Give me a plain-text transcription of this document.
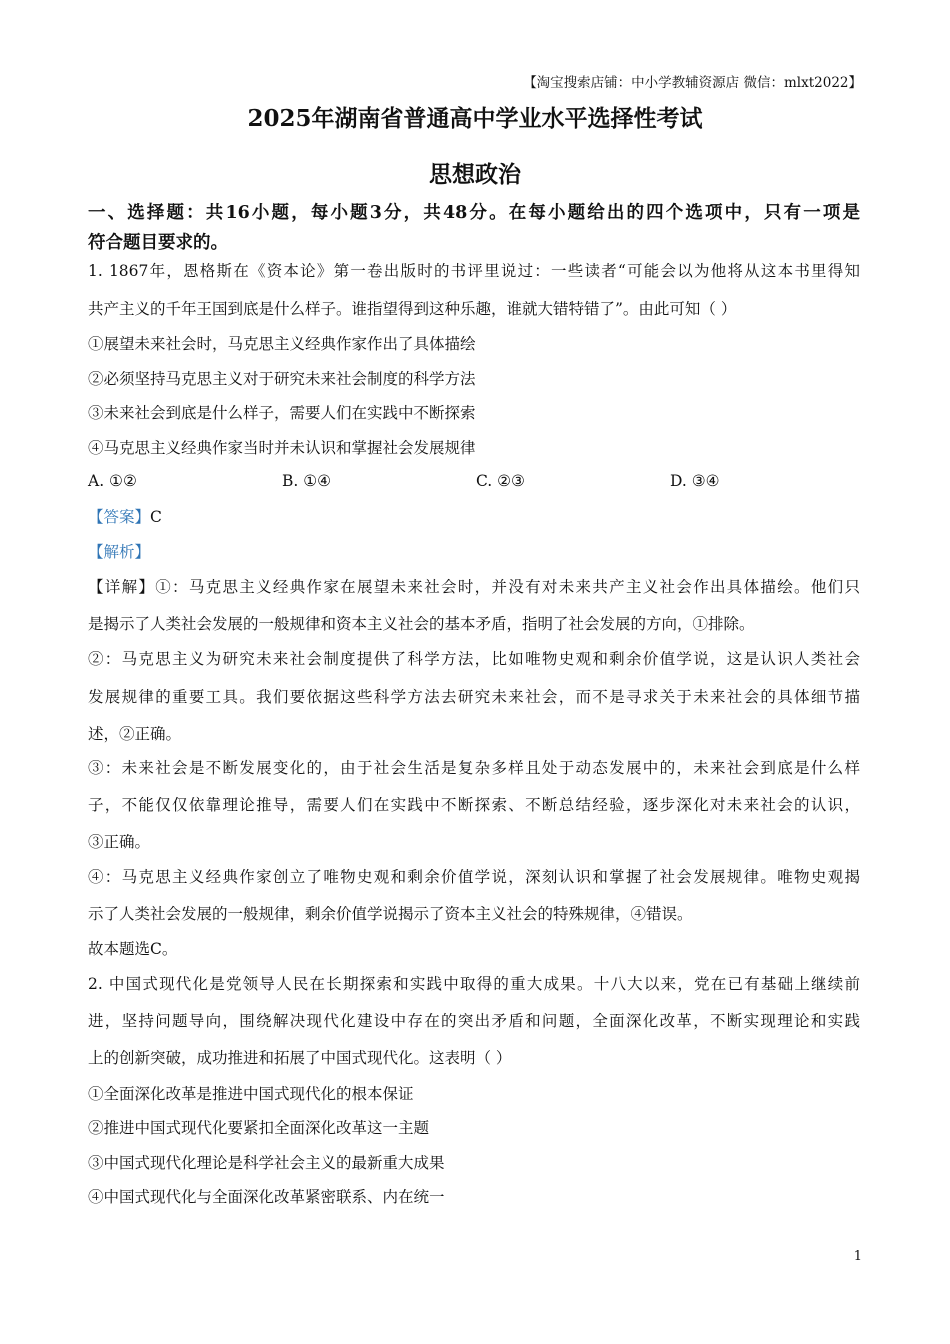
【淘宝搜索店铺：中小学教辅资源店 微信：mlxt2022】
2025年湖南省普通高中学业水平选择性考试
思想政治
一、选择题：共16小题，每小题3分，共48分。在每小题给出的四个选项中，只有一项是
符合题目要求的。
A. ①②	B. ①④	C. ②③	D. ③④
【答案】C
【解析】
1
1. 1867年，恩格斯在《资本论》第一卷出版时的书评里说过：一些读者“可能会以为他将从这本书里得知
共产主义的千年王国到底是什么样子。谁指望得到这种乐趣，谁就大错特错了”。由此可知（ ）
①展望未来社会时，马克思主义经典作家作出了具体描绘
②必须坚持马克思主义对于研究未来社会制度的科学方法
③未来社会到底是什么样子，需要人们在实践中不断探索
④马克思主义经典作家当时并未认识和掌握社会发展规律
【详解】①：马克思主义经典作家在展望未来社会时，并没有对未来共产主义社会作出具体描绘。他们只
是揭示了人类社会发展的一般规律和资本主义社会的基本矛盾，指明了社会发展的方向，①排除。
②：马克思主义为研究未来社会制度提供了科学方法，比如唯物史观和剩余价值学说，这是认识人类社会
发展规律的重要工具。我们要依据这些科学方法去研究未来社会，而不是寻求关于未来社会的具体细节描
述，②正确。
③：未来社会是不断发展变化的，由于社会生活是复杂多样且处于动态发展中的，未来社会到底是什么样
子，不能仅仅依靠理论推导，需要人们在实践中不断探索、不断总结经验，逐步深化对未来社会的认识，
③正确。
④：马克思主义经典作家创立了唯物史观和剩余价值学说，深刻认识和掌握了社会发展规律。唯物史观揭
示了人类社会发展的一般规律，剩余价值学说揭示了资本主义社会的特殊规律，④错误。
故本题选C。
2. 中国式现代化是党领导人民在长期探索和实践中取得的重大成果。十八大以来，党在已有基础上继续前
进，坚持问题导向，围绕解决现代化建设中存在的突出矛盾和问题，全面深化改革，不断实现理论和实践
上的创新突破，成功推进和拓展了中国式现代化。这表明（ ）
①全面深化改革是推进中国式现代化的根本保证
②推进中国式现代化要紧扣全面深化改革这一主题
③中国式现代化理论是科学社会主义的最新重大成果
④中国式现代化与全面深化改革紧密联系、内在统一
